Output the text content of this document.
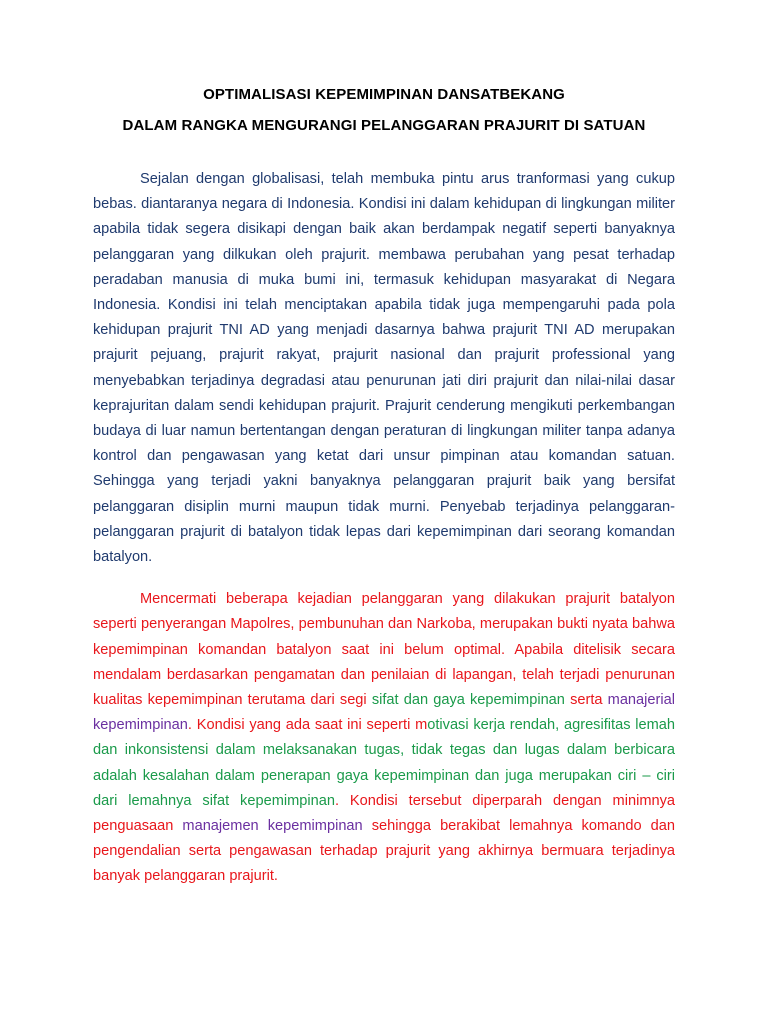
OPTIMALISASI KEPEMIMPINAN DANSATBEKANG

DALAM RANGKA MENGURANGI PELANGGARAN PRAJURIT DI SATUAN

Sejalan dengan globalisasi, telah membuka pintu arus tranformasi yang cukup bebas. diantaranya negara di Indonesia. Kondisi ini dalam kehidupan di lingkungan militer apabila tidak segera disikapi dengan baik akan berdampak negatif seperti banyaknya pelanggaran yang dilkukan oleh prajurit. membawa perubahan yang pesat terhadap peradaban manusia di muka bumi ini, termasuk kehidupan masyarakat di Negara Indonesia. Kondisi ini telah menciptakan apabila tidak juga mempengaruhi pada pola kehidupan prajurit TNI AD yang menjadi dasarnya bahwa prajurit TNI AD merupakan prajurit pejuang, prajurit rakyat, prajurit nasional dan prajurit professional yang menyebabkan terjadinya degradasi atau penurunan jati diri prajurit dan nilai-nilai dasar keprajuritan dalam sendi kehidupan prajurit. Prajurit cenderung mengikuti perkembangan budaya di luar namun bertentangan dengan peraturan di lingkungan militer tanpa adanya kontrol dan pengawasan yang ketat dari unsur pimpinan atau komandan satuan. Sehingga yang terjadi yakni banyaknya pelanggaran prajurit baik yang bersifat pelanggaran disiplin murni maupun tidak murni. Penyebab terjadinya pelanggaran-pelanggaran prajurit di batalyon tidak lepas dari kepemimpinan dari seorang komandan batalyon.

Mencermati beberapa kejadian pelanggaran yang dilakukan prajurit batalyon seperti penyerangan Mapolres, pembunuhan dan Narkoba, merupakan bukti nyata bahwa kepemimpinan komandan batalyon saat ini belum optimal. Apabila ditelisik secara mendalam berdasarkan pengamatan dan penilaian di lapangan, telah terjadi penurunan kualitas kepemimpinan terutama dari segi sifat dan gaya kepemimpinan serta manajerial kepemimpinan. Kondisi yang ada saat ini seperti motivasi kerja rendah, agresifitas lemah dan inkonsistensi dalam melaksanakan tugas, tidak tegas dan lugas dalam berbicara adalah kesalahan dalam penerapan gaya kepemimpinan dan juga merupakan ciri – ciri dari lemahnya sifat kepemimpinan. Kondisi tersebut diperparah dengan minimnya penguasaan manajemen kepemimpinan sehingga berakibat lemahnya komando dan pengendalian serta pengawasan terhadap prajurit yang akhirnya bermuara terjadinya banyak pelanggaran prajurit.
